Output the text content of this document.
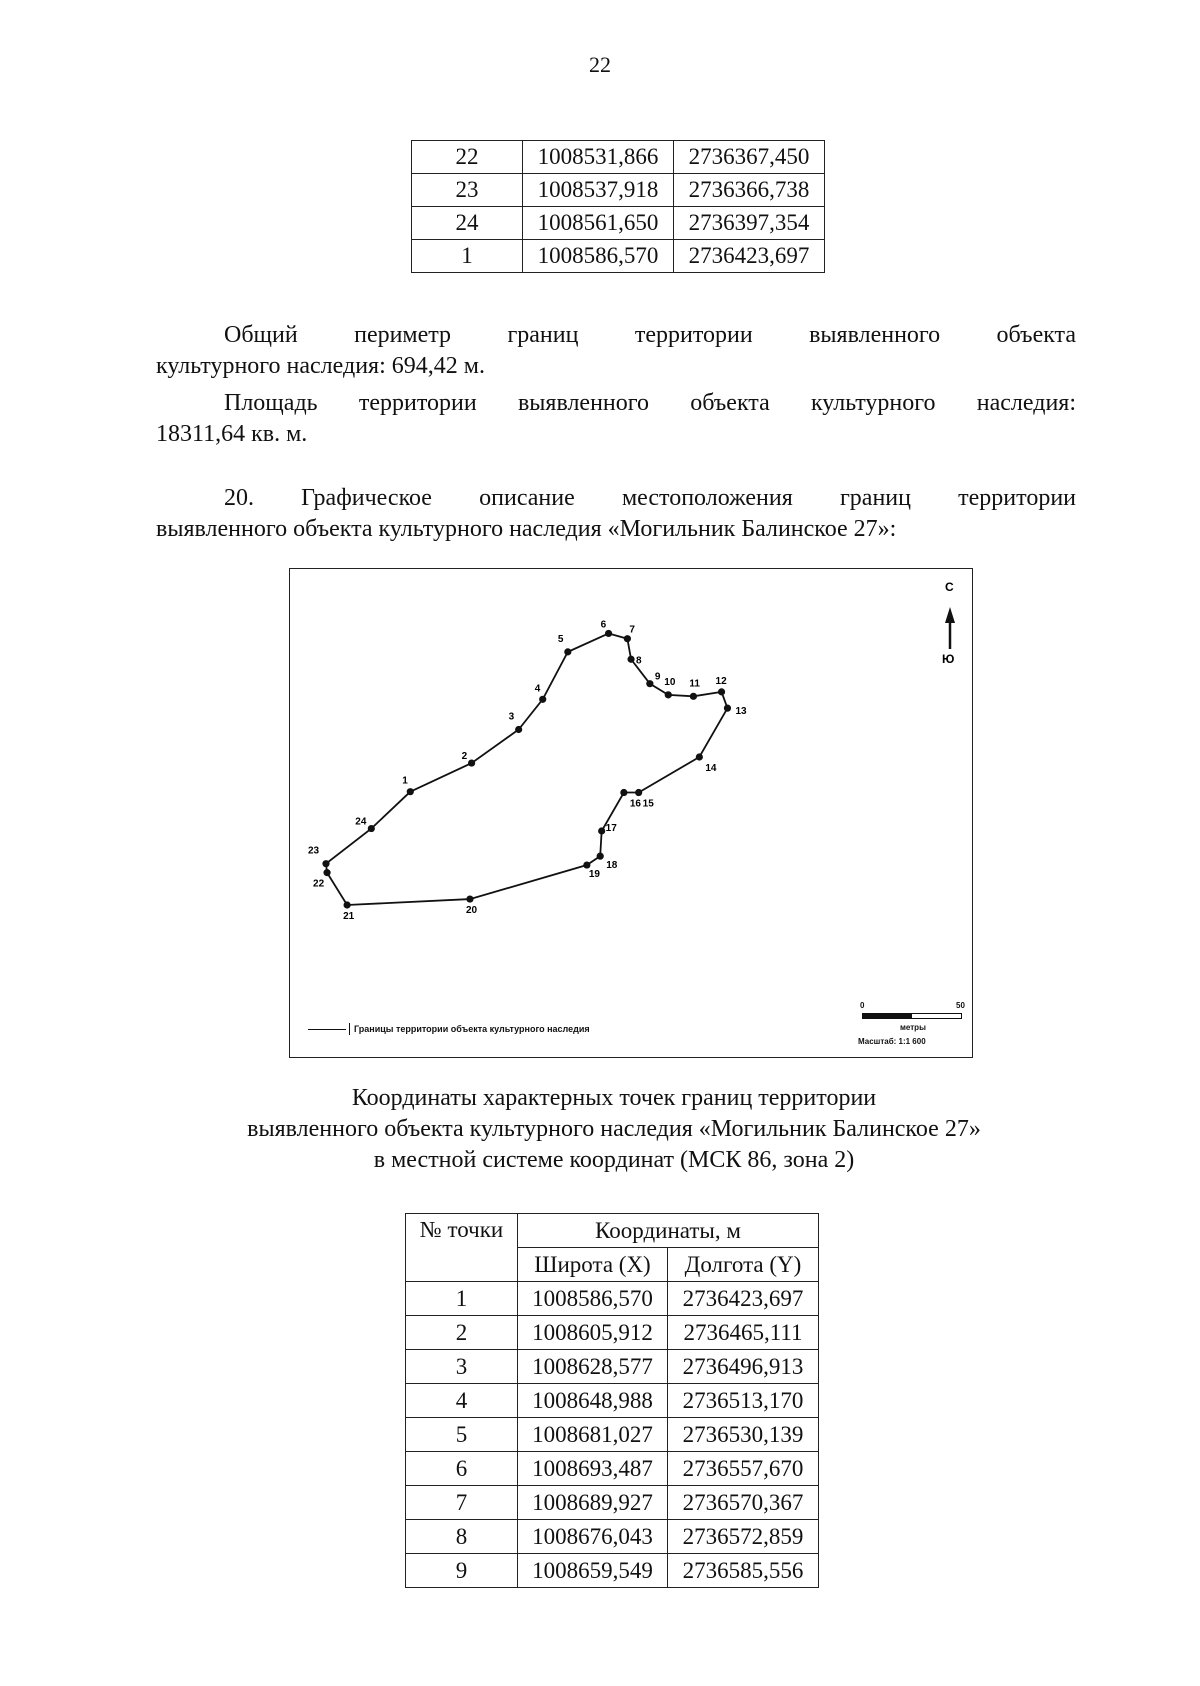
22
22	1008531,866	2736367,450
23	1008537,918	2736366,738
24	1008561,650	2736397,354
1	1008586,570	2736423,697
Общий периметр границ территории выявленного объекта
культурного наследия: 694,42 м.
Площадь территории выявленного объекта культурного наследия:
18311,64 кв. м.
20. Графическое описание местоположения границ территории
выявленного объекта культурного наследия «Могильник Балинское 27»:
1
2
3
4
5
6 7
8
9 10 11 12
13
14
15
16
17
18
19
20
21
22
23
24
С
Ю
Границы территории объекта культурного наследия
0	50
метры
Масштаб: 1:1 600
Координаты характерных точек границ территории
выявленного объекта культурного наследия «Могильник Балинское 27»
в местной системе координат (МСК 86, зона 2)
№ точки	Координаты, м	
	Широта (X)	Долгота (Y)
1	1008586,570	2736423,697
2	1008605,912	2736465,111
3	1008628,577	2736496,913
4	1008648,988	2736513,170
5	1008681,027	2736530,139
6	1008693,487	2736557,670
7	1008689,927	2736570,367
8	1008676,043	2736572,859
9	1008659,549	2736585,556
